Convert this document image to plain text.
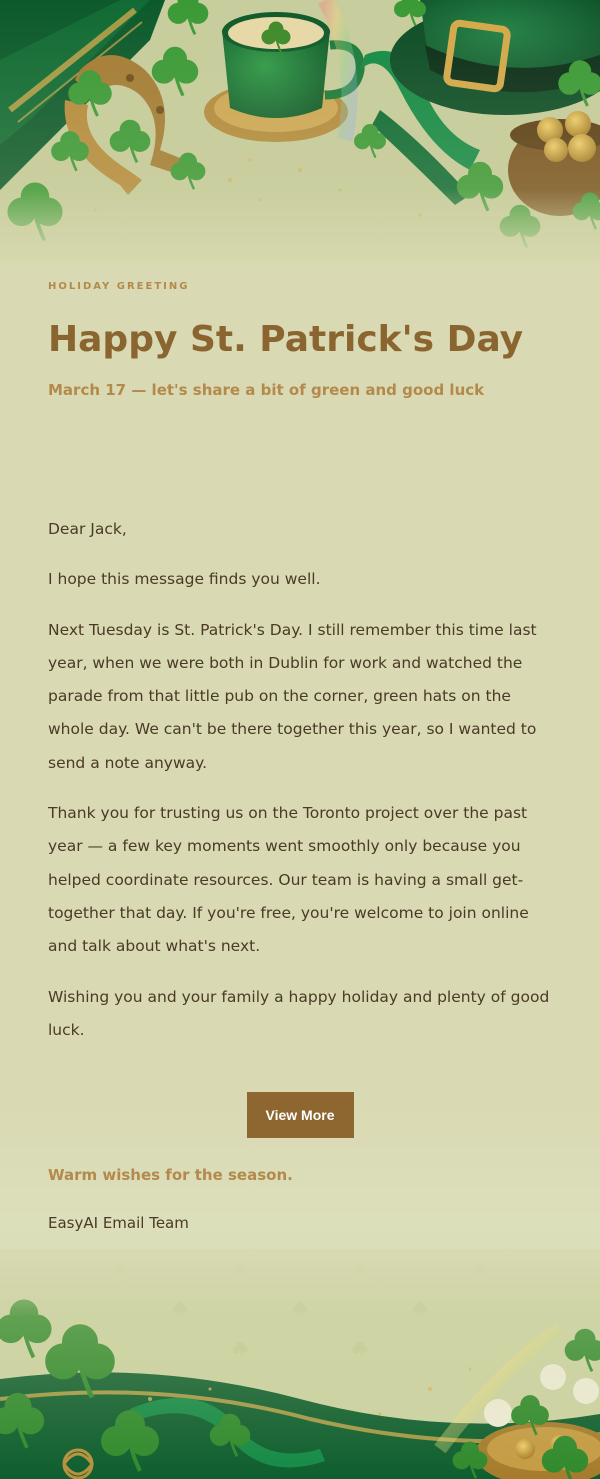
HOLIDAY GREETING
Happy St. Patrick's Day
March 17 — let's share a bit of green and good luck

Dear Jack,

I hope this message finds you well.

Next Tuesday is St. Patrick's Day. I still remember this time last year, when we were both in Dublin for work and watched the parade from that little pub on the corner, green hats on the whole day. We can't be there together this year, so I wanted to send a note anyway.

Thank you for trusting us on the Toronto project over the past year — a few key moments went smoothly only because you helped coordinate resources. Our team is having a small get-together that day. If you're free, you're welcome to join online and talk about what's next.

Wishing you and your family a happy holiday and plenty of good luck.

View More
Warm wishes for the season.
EasyAI Email Team
